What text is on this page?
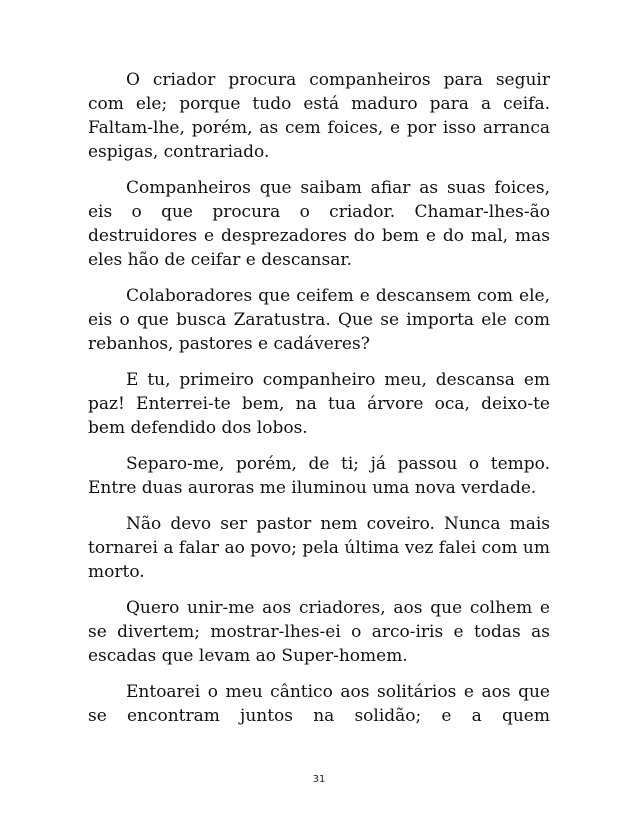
O criador procura companheiros para seguir com ele; porque tudo está maduro para a ceifa. Faltam-lhe, porém, as cem foices, e por isso arranca espigas, contrariado.

Companheiros que saibam afiar as suas foices, eis o que procura o criador. Chamar-lhes-ão destruidores e desprezadores do bem e do mal, mas eles hão de ceifar e descansar.

Colaboradores que ceifem e descansem com ele, eis o que busca Zaratustra. Que se importa ele com rebanhos, pastores e cadáveres?

E tu, primeiro companheiro meu, descansa em paz! Enterrei-te bem, na tua árvore oca, deixo-te bem defendido dos lobos.

Separo-me, porém, de ti; já passou o tempo. Entre duas auroras me iluminou uma nova verdade.

Não devo ser pastor nem coveiro. Nunca mais tornarei a falar ao povo; pela última vez falei com um morto.

Quero unir-me aos criadores, aos que colhem e se divertem; mostrar-lhes-ei o arco-iris e todas as escadas que levam ao Super-homem.

Entoarei o meu cântico aos solitários e aos que se encontram juntos na solidão; e a quem

31
